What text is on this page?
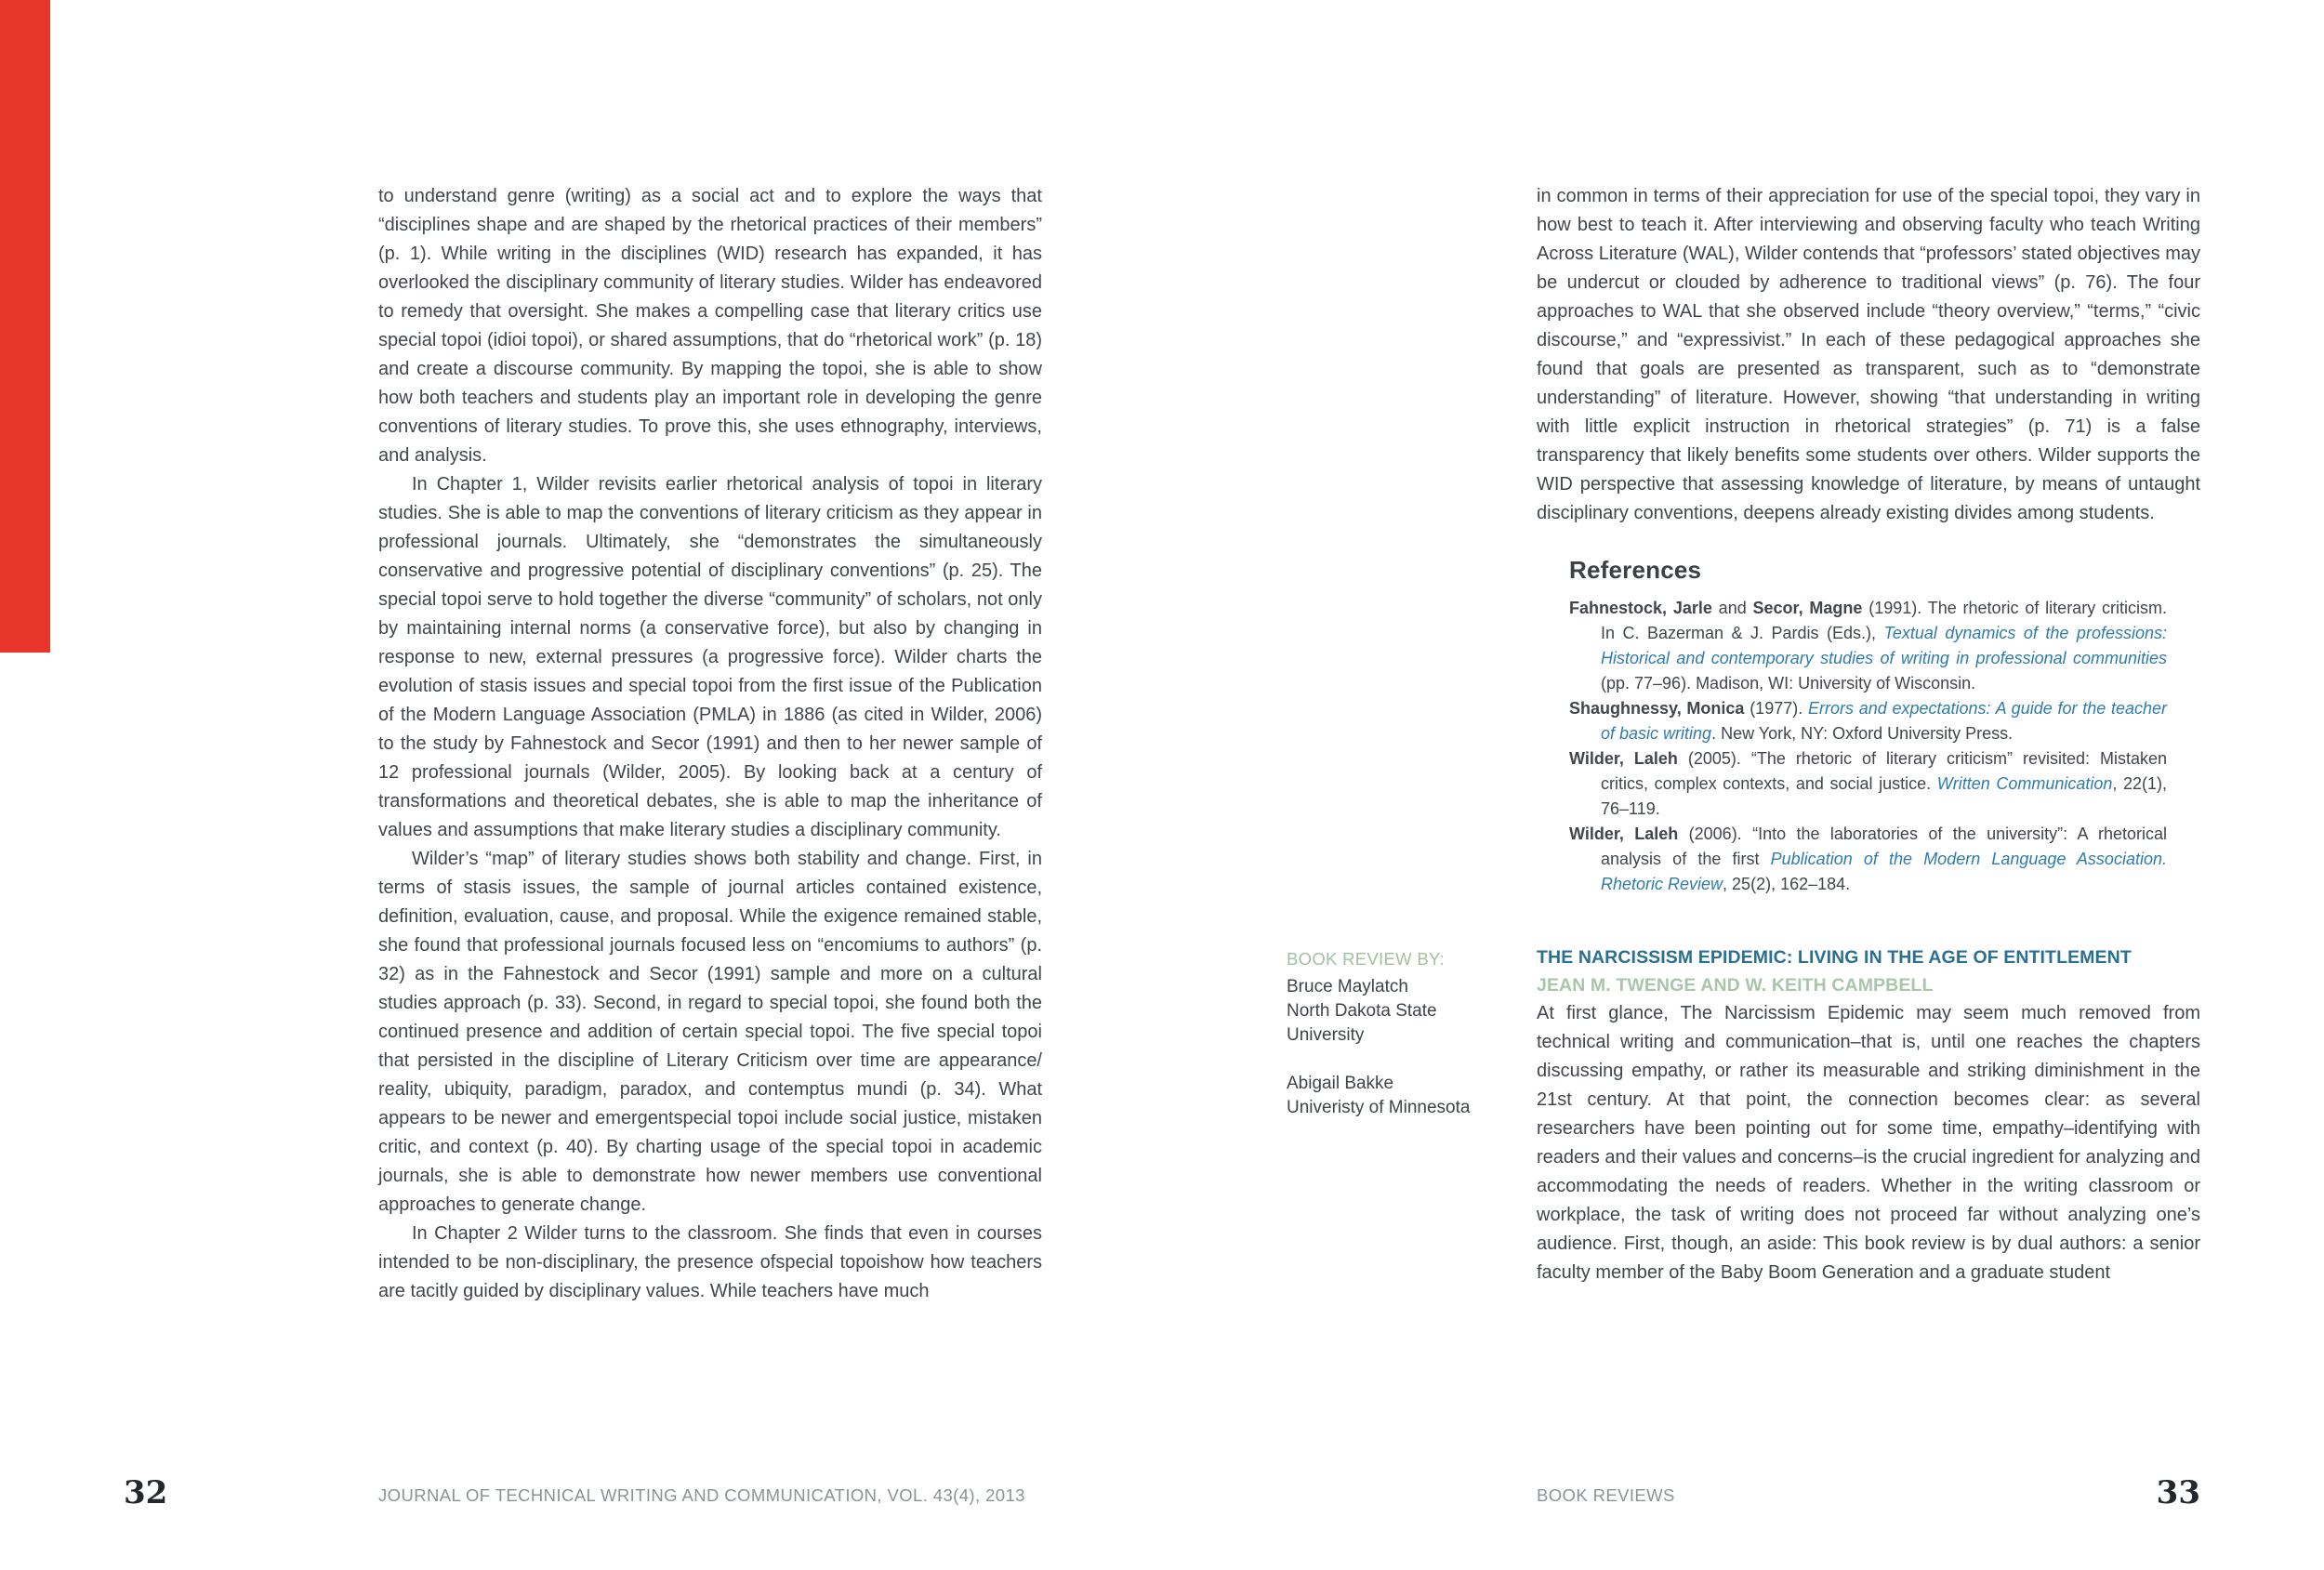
to understand genre (writing) as a social act and to explore the ways that “disciplines shape and are shaped by the rhetorical practices of their members” (p. 1). While writing in the disciplines (WID) research has expanded, it has overlooked the disciplinary community of literary studies. Wilder has endeavored to remedy that oversight. She makes a compelling case that literary critics use special topoi (idioi topoi), or shared assumptions, that do “rhetorical work” (p. 18) and create a discourse community. By mapping the topoi, she is able to show how both teachers and students play an important role in developing the genre conventions of literary studies. To prove this, she uses ethnography, interviews, and analysis.

In Chapter 1, Wilder revisits earlier rhetorical analysis of topoi in literary studies. She is able to map the conventions of literary criticism as they appear in professional journals. Ultimately, she “demonstrates the simultaneously conservative and progressive potential of disciplinary conventions” (p. 25). The special topoi serve to hold together the diverse “community” of scholars, not only by maintaining internal norms (a conservative force), but also by changing in response to new, external pressures (a progressive force). Wilder charts the evolution of stasis issues and special topoi from the first issue of the Publication of the Modern Language Association (PMLA) in 1886 (as cited in Wilder, 2006) to the study by Fahnestock and Secor (1991) and then to her newer sample of 12 professional journals (Wilder, 2005). By looking back at a century of transformations and theoretical debates, she is able to map the inheritance of values and assumptions that make literary studies a disciplinary community.

Wilder’s “map” of literary studies shows both stability and change. First, in terms of stasis issues, the sample of journal articles contained existence, definition, evaluation, cause, and proposal. While the exigence remained stable, she found that professional journals focused less on “encomiums to authors” (p. 32) as in the Fahnestock and Secor (1991) sample and more on a cultural studies approach (p. 33). Second, in regard to special topoi, she found both the continued presence and addition of certain special topoi. The five special topoi that persisted in the discipline of Literary Criticism over time are appearance/ reality, ubiquity, paradigm, paradox, and contemptus mundi (p. 34). What appears to be newer and emergentspecial topoi include social justice, mistaken critic, and context (p. 40). By charting usage of the special topoi in academic journals, she is able to demonstrate how newer members use conventional approaches to generate change.

In Chapter 2 Wilder turns to the classroom. She finds that even in courses intended to be non-disciplinary, the presence ofspecial topoishow how teachers are tacitly guided by disciplinary values. While teachers have much

in common in terms of their appreciation for use of the special topoi, they vary in how best to teach it. After interviewing and observing faculty who teach Writing Across Literature (WAL), Wilder contends that “professors’ stated objectives may be undercut or clouded by adherence to traditional views” (p. 76). The four approaches to WAL that she observed include “theory overview,” “terms,” “civic discourse,” and “expressivist.” In each of these pedagogical approaches she found that goals are presented as transparent, such as to “demonstrate understanding” of literature. However, showing “that understanding in writing with little explicit instruction in rhetorical strategies” (p. 71) is a false transparency that likely benefits some students over others. Wilder supports the WID perspective that assessing knowledge of literature, by means of untaught disciplinary conventions, deepens already existing divides among students.

References

Fahnestock, Jarle and Secor, Magne (1991). The rhetoric of literary criticism. In C. Bazerman & J. Pardis (Eds.), Textual dynamics of the professions: Historical and contemporary studies of writing in professional communities (pp. 77–96). Madison, WI: University of Wisconsin.

Shaughnessy, Monica (1977). Errors and expectations: A guide for the teacher of basic writing. New York, NY: Oxford University Press.

Wilder, Laleh (2005). “The rhetoric of literary criticism” revisited: Mistaken critics, complex contexts, and social justice. Written Communication, 22(1), 76–119.

Wilder, Laleh (2006). “Into the laboratories of the university”: A rhetorical analysis of the first Publication of the Modern Language Association. Rhetoric Review, 25(2), 162–184.

BOOK REVIEW BY:
Bruce Maylatch
North Dakota State University
Abigail Bakke
Univeristy of Minnesota
THE NARCISSISM EPIDEMIC: LIVING IN THE AGE OF ENTITLEMENT
JEAN M. TWENGE AND W. KEITH CAMPBELL

At first glance, The Narcissism Epidemic may seem much removed from technical writing and communication–that is, until one reaches the chapters discussing empathy, or rather its measurable and striking diminishment in the 21st century. At that point, the connection becomes clear: as several researchers have been pointing out for some time, empathy–identifying with readers and their values and concerns–is the crucial ingredient for analyzing and accommodating the needs of readers. Whether in the writing classroom or workplace, the task of writing does not proceed far without analyzing one’s audience. First, though, an aside: This book review is by dual authors: a senior faculty member of the Baby Boom Generation and a graduate student

32	JOURNAL OF TECHNICAL WRITING AND COMMUNICATION, VOL. 43(4), 2013	BOOK REVIEWS	33
